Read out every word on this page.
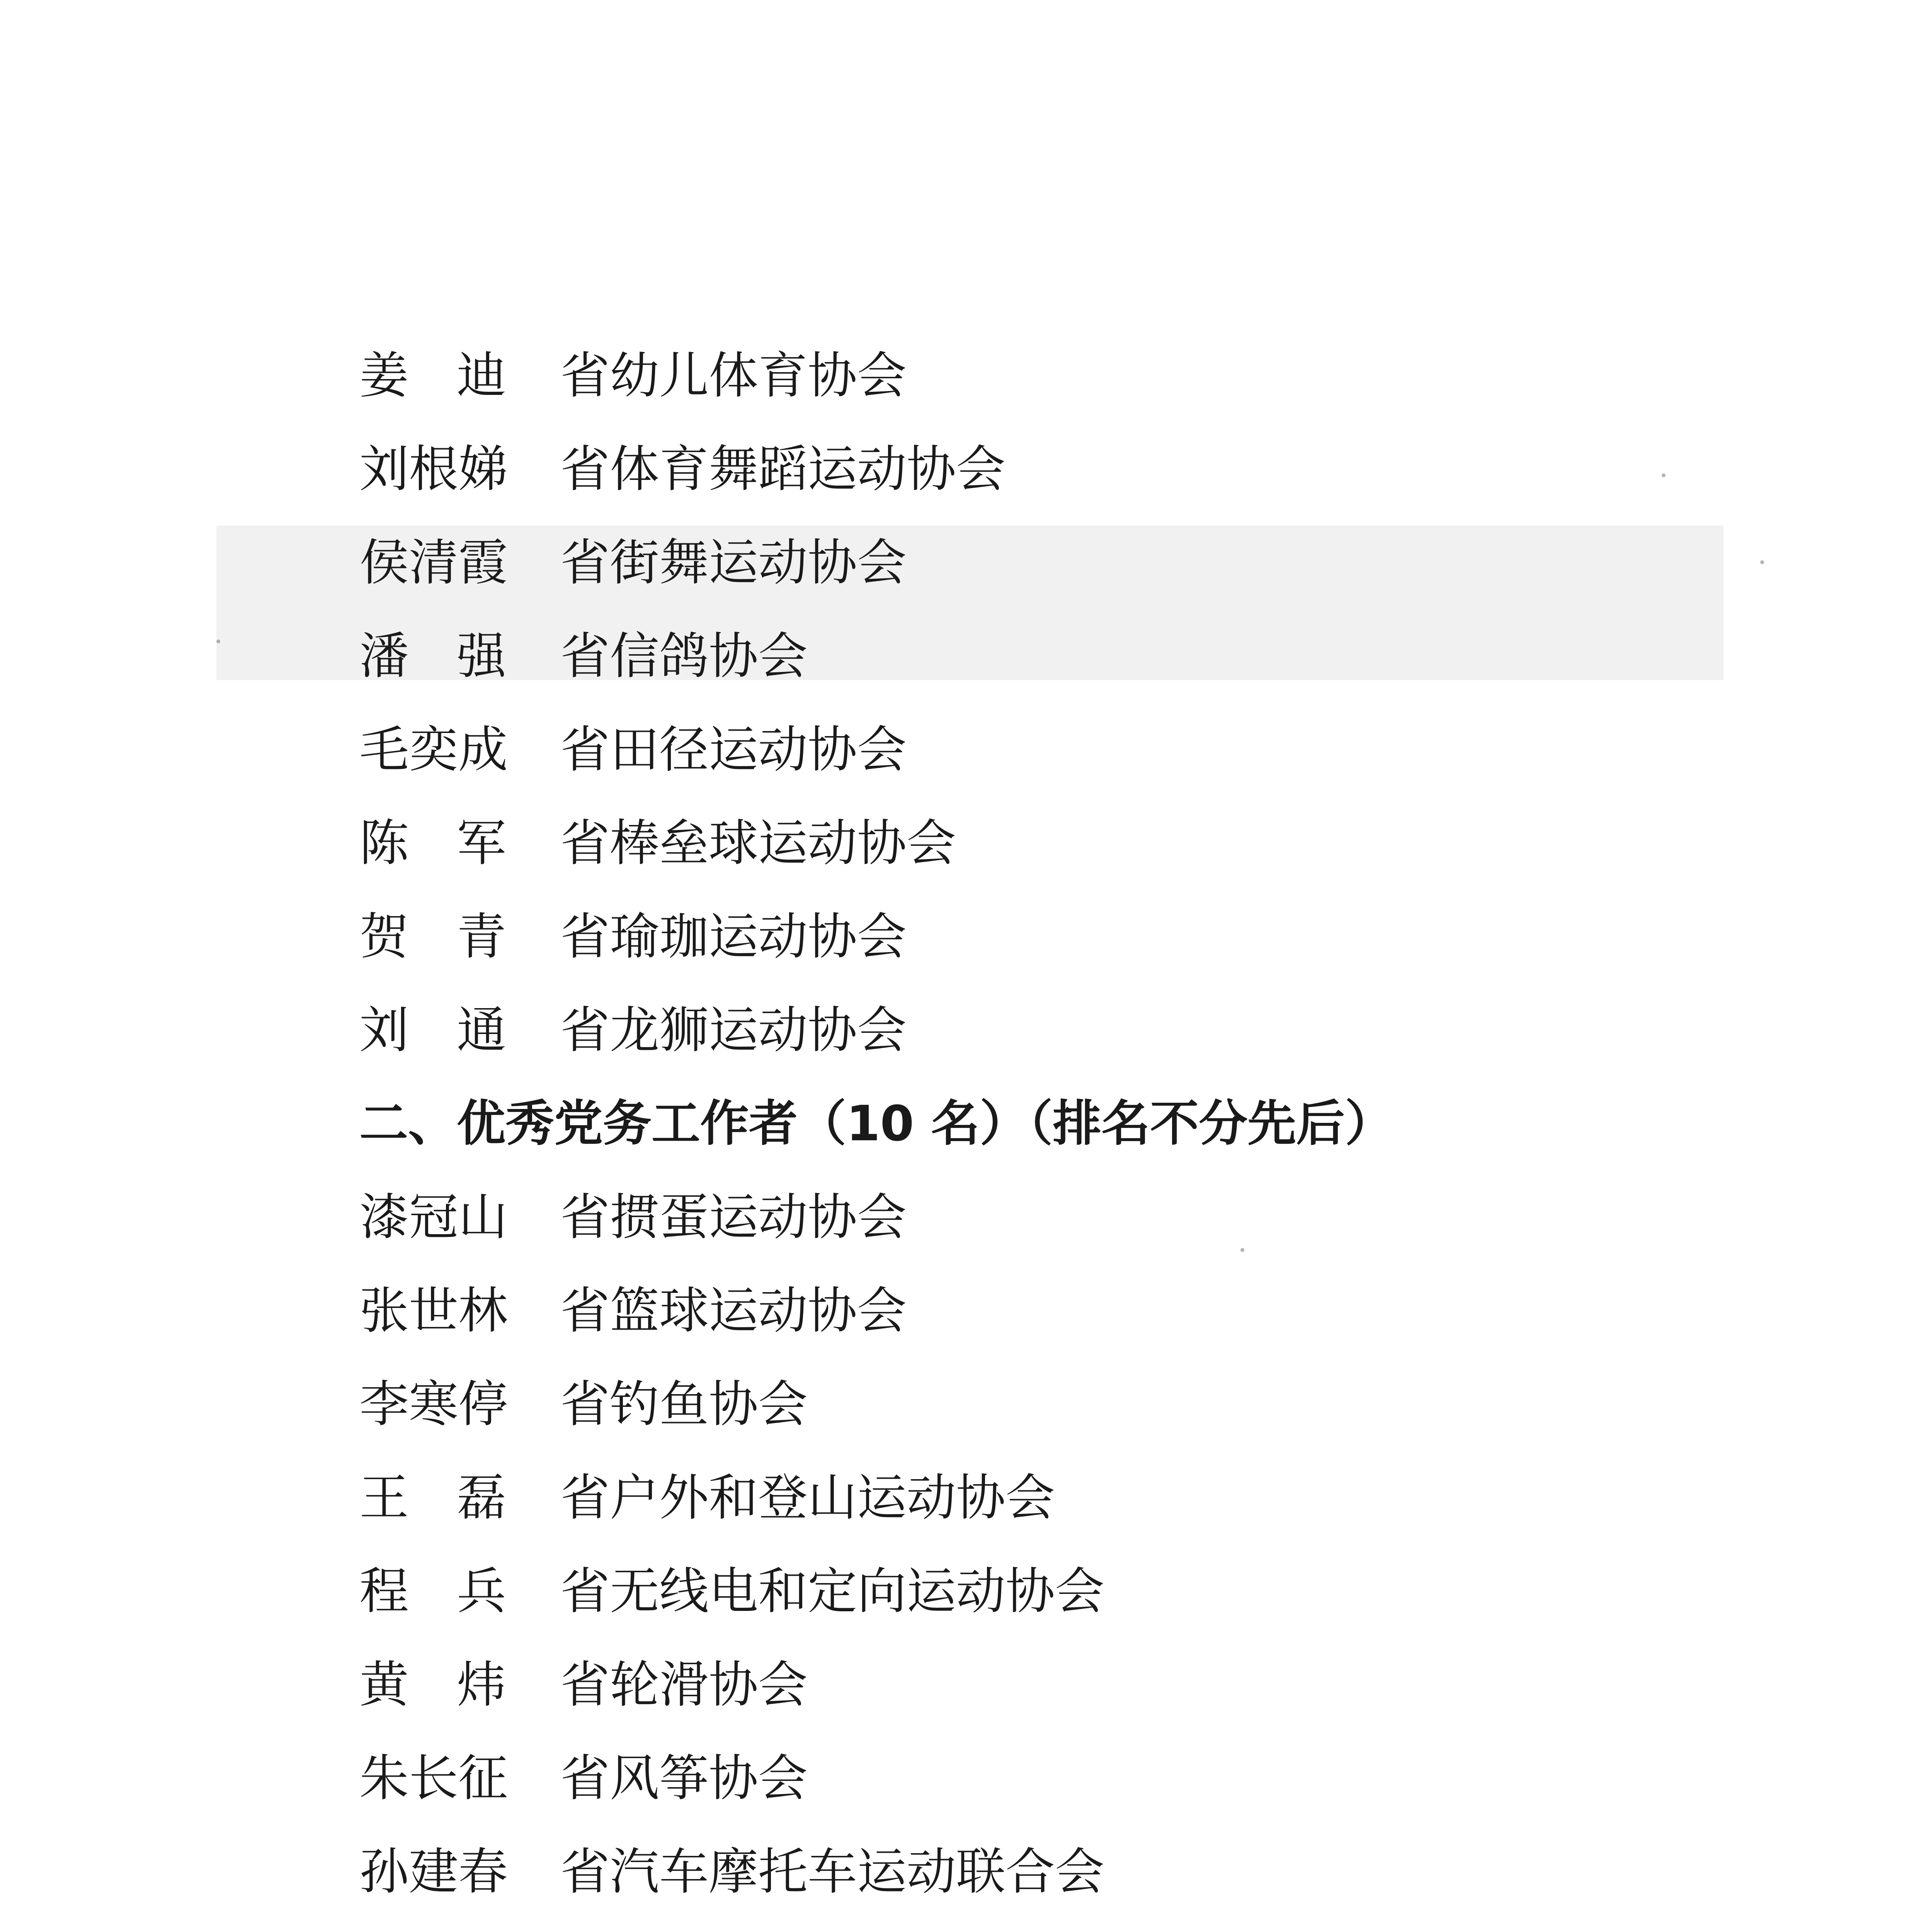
姜 迪 省幼儿体育协会
刘 根 娣 省体育舞蹈运动协会
侯 清 霞 省街舞运动协会
潘 强 省信鸽协会
毛 奕 成 省田径运动协会
陈 军 省棒垒球运动协会
贺 青 省瑜珈运动协会
刘 通 省龙狮运动协会
二、优秀党务工作者（10 名）（排名不分先后）
漆 冠 山 省掼蛋运动协会
张 世 林 省篮球运动协会
李 寒 停 省钓鱼协会
王 磊 省户外和登山运动协会
程 兵 省无线电和定向运动协会
黄 炜 省轮滑协会
朱 长 征 省风筝协会
孙 建 春 省汽车摩托车运动联合会
